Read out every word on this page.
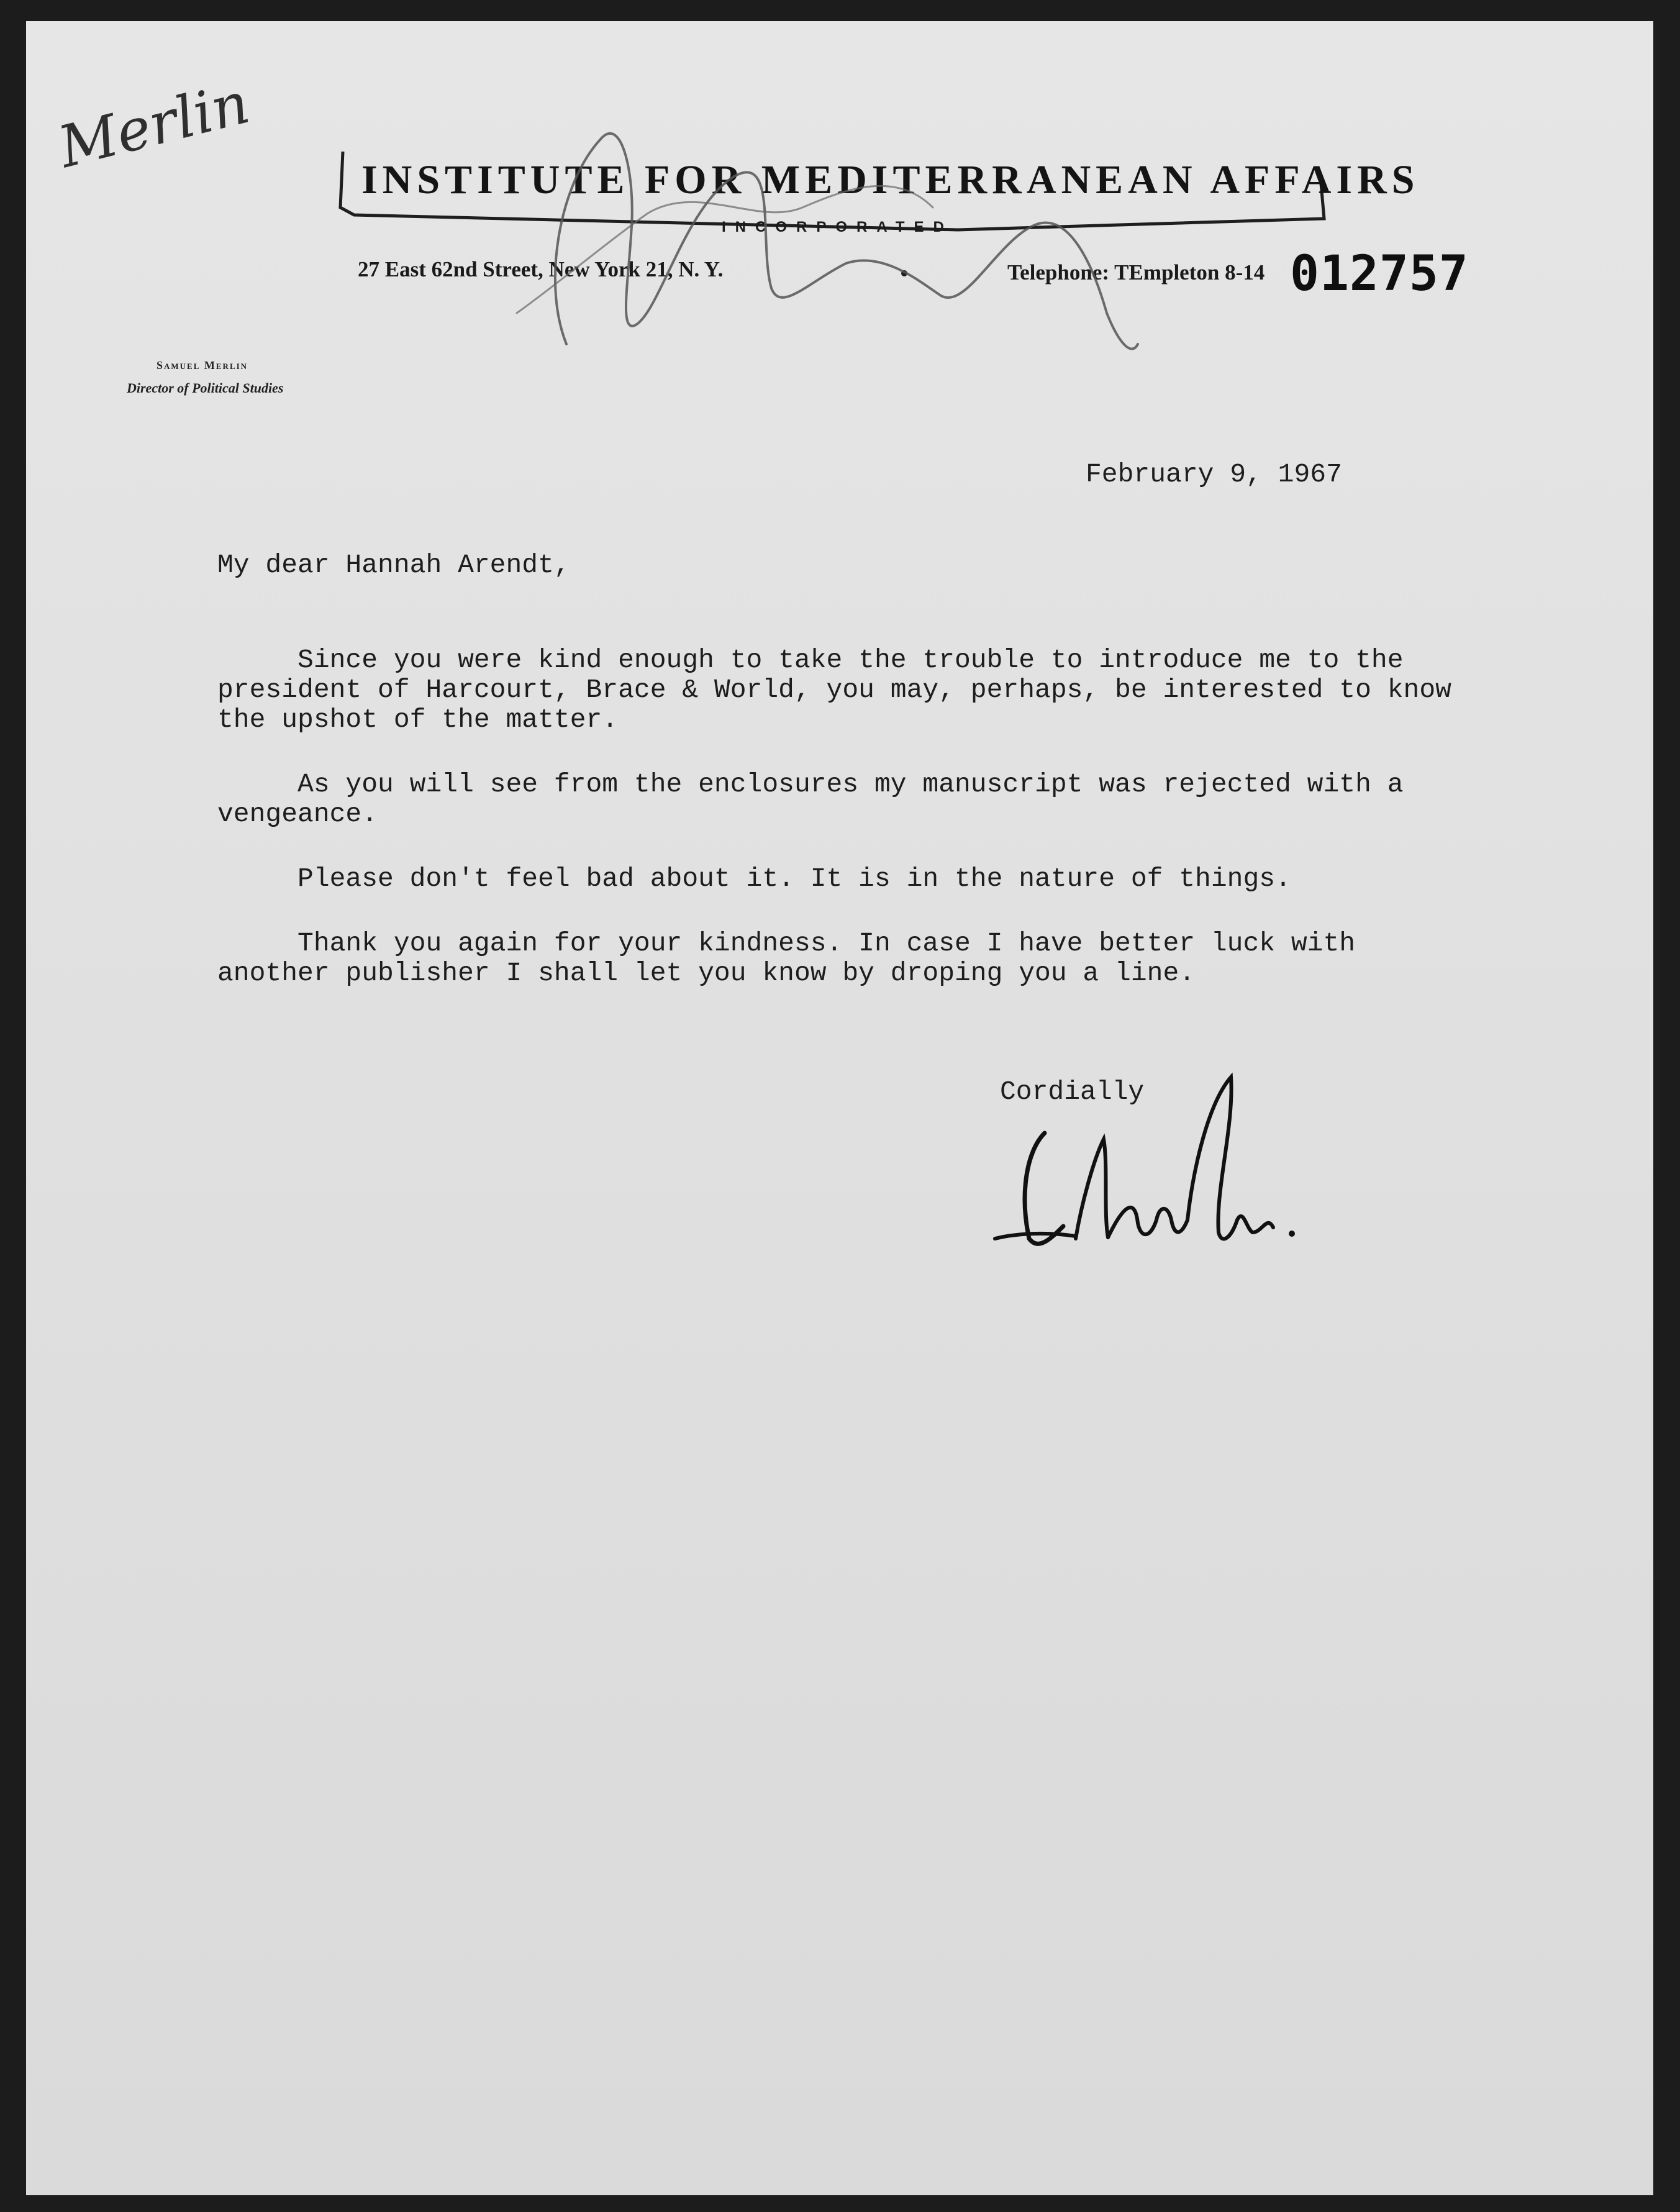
Merlin	INSTITUTE FOR MEDITERRANEAN AFFAIRS
INCORPORATED
27 East 62nd Street, New York 21, N. Y.	Telephone: TEmpleton 8-14 012757
Samuel Merlin
Director of Political Studies
February 9, 1967
My dear Hannah Arendt,
Since you were kind enough to take the trouble to introduce me to the
president of Harcourt, Brace & World, you may, perhaps, be interested to know
the upshot of the matter.
As you will see from the enclosures my manuscript was rejected with a
vengeance.
Please don't feel bad about it. It is in the nature of things.
Thank you again for your kindness. In case I have better luck with
another publisher I shall let you know by droping you a line.
Cordially
